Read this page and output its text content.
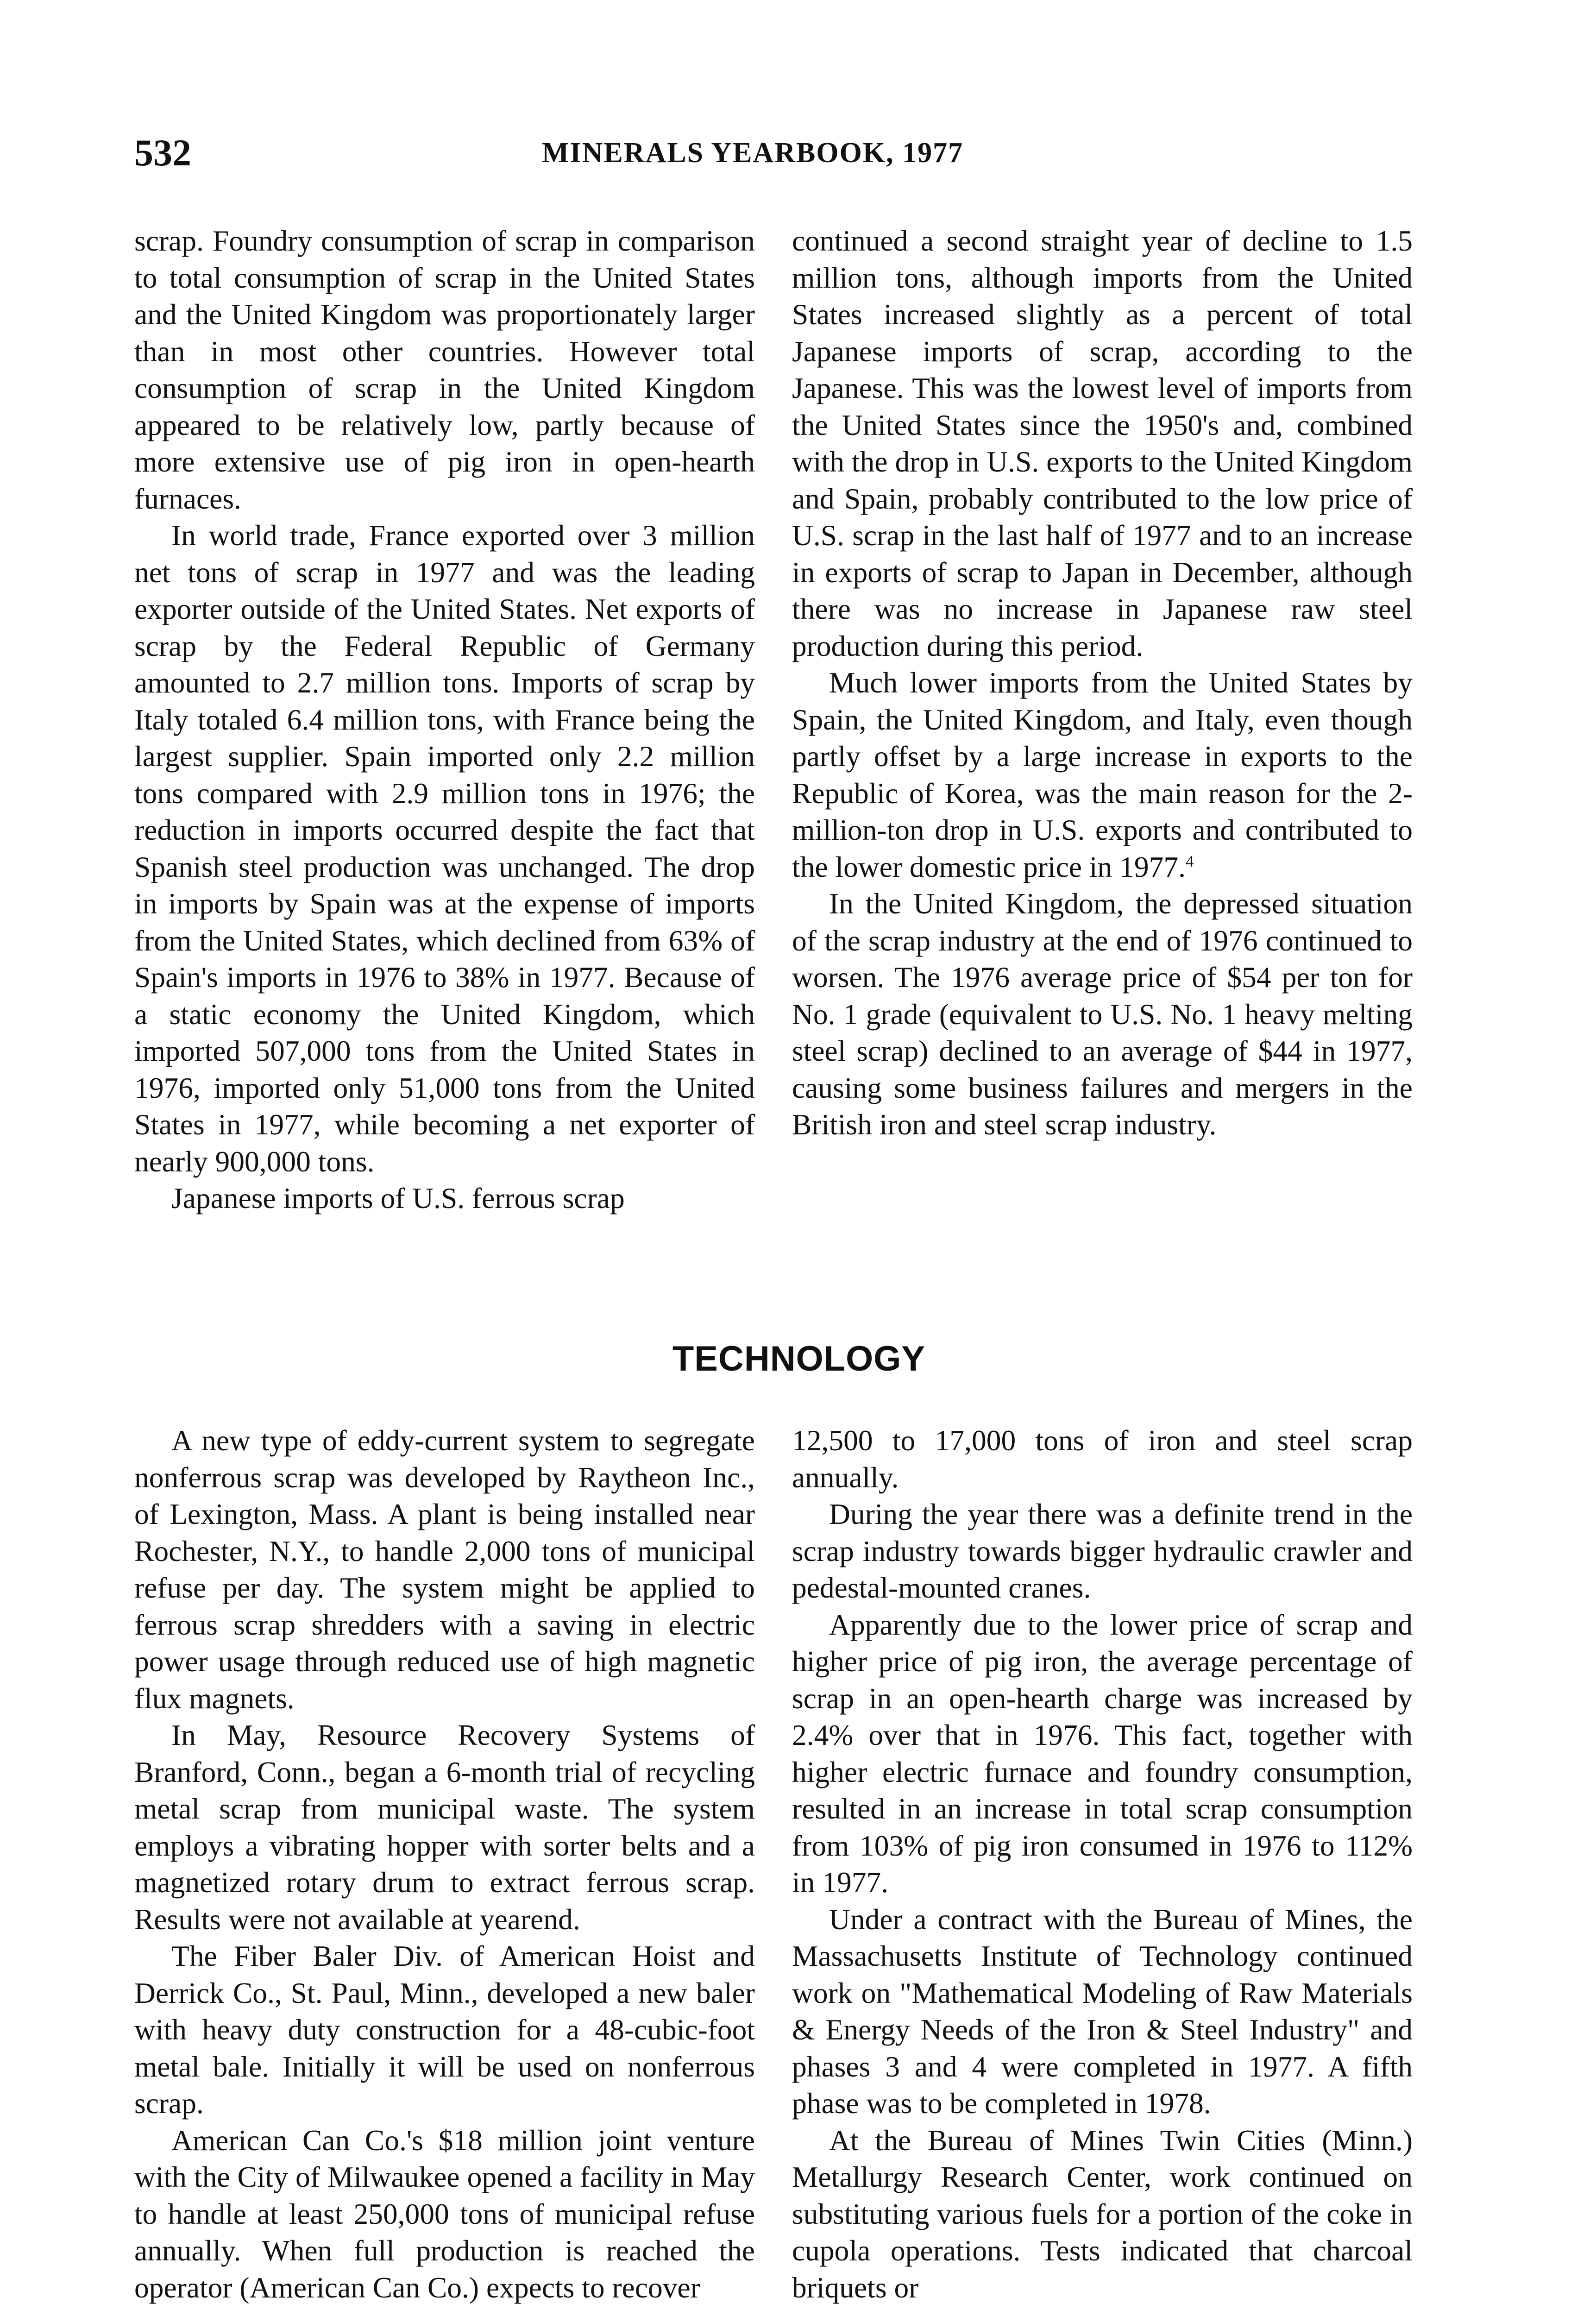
532	MINERALS YEARBOOK, 1977

scrap. Foundry consumption of scrap in comparison to total consumption of scrap in the United States and the United Kingdom was proportionately larger than in most other countries. However total consumption of scrap in the United Kingdom appeared to be relatively low, partly because of more extensive use of pig iron in open-hearth furnaces.

In world trade, France exported over 3 million net tons of scrap in 1977 and was the leading exporter outside of the United States. Net exports of scrap by the Federal Republic of Germany amounted to 2.7 million tons. Imports of scrap by Italy totaled 6.4 million tons, with France being the largest supplier. Spain imported only 2.2 million tons compared with 2.9 million tons in 1976; the reduction in imports occurred despite the fact that Spanish steel production was unchanged. The drop in imports by Spain was at the expense of imports from the United States, which declined from 63% of Spain's imports in 1976 to 38% in 1977. Because of a static economy the United Kingdom, which imported 507,000 tons from the United States in 1976, imported only 51,000 tons from the United States in 1977, while becoming a net exporter of nearly 900,000 tons.

Japanese imports of U.S. ferrous scrap

continued a second straight year of decline to 1.5 million tons, although imports from the United States increased slightly as a percent of total Japanese imports of scrap, according to the Japanese. This was the lowest level of imports from the United States since the 1950's and, combined with the drop in U.S. exports to the United Kingdom and Spain, probably contributed to the low price of U.S. scrap in the last half of 1977 and to an increase in exports of scrap to Japan in December, although there was no increase in Japanese raw steel production during this period.

Much lower imports from the United States by Spain, the United Kingdom, and Italy, even though partly offset by a large increase in exports to the Republic of Korea, was the main reason for the 2-million-ton drop in U.S. exports and contributed to the lower domestic price in 1977.$^4$

In the United Kingdom, the depressed situation of the scrap industry at the end of 1976 continued to worsen. The 1976 average price of $54 per ton for No. 1 grade (equivalent to U.S. No. 1 heavy melting steel scrap) declined to an average of $44 in 1977, causing some business failures and mergers in the British iron and steel scrap industry.

TECHNOLOGY

A new type of eddy-current system to segregate nonferrous scrap was developed by Raytheon Inc., of Lexington, Mass. A plant is being installed near Rochester, N.Y., to handle 2,000 tons of municipal refuse per day. The system might be applied to ferrous scrap shredders with a saving in electric power usage through reduced use of high magnetic flux magnets.

In May, Resource Recovery Systems of Branford, Conn., began a 6-month trial of recycling metal scrap from municipal waste. The system employs a vibrating hopper with sorter belts and a magnetized rotary drum to extract ferrous scrap. Results were not available at yearend.

The Fiber Baler Div. of American Hoist and Derrick Co., St. Paul, Minn., developed a new baler with heavy duty construction for a 48-cubic-foot metal bale. Initially it will be used on nonferrous scrap.

American Can Co.'s $18 million joint venture with the City of Milwaukee opened a facility in May to handle at least 250,000 tons of municipal refuse annually. When full production is reached the operator (American Can Co.) expects to recover

12,500 to 17,000 tons of iron and steel scrap annually.

During the year there was a definite trend in the scrap industry towards bigger hydraulic crawler and pedestal-mounted cranes.

Apparently due to the lower price of scrap and higher price of pig iron, the average percentage of scrap in an open-hearth charge was increased by 2.4% over that in 1976. This fact, together with higher electric furnace and foundry consumption, resulted in an increase in total scrap consumption from 103% of pig iron consumed in 1976 to 112% in 1977.

Under a contract with the Bureau of Mines, the Massachusetts Institute of Technology continued work on "Mathematical Modeling of Raw Materials & Energy Needs of the Iron & Steel Industry" and phases 3 and 4 were completed in 1977. A fifth phase was to be completed in 1978.

At the Bureau of Mines Twin Cities (Minn.) Metallurgy Research Center, work continued on substituting various fuels for a portion of the coke in cupola operations. Tests indicated that charcoal briquets or
